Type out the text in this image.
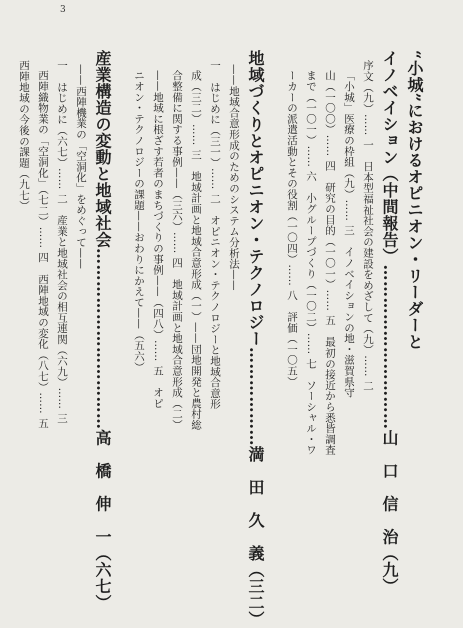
3
“小城”におけるオピニオン・リーダーと
イノベイション（中間報告）…………………………山　口　信　治（九）
序文（九）…… 一　日本型福祉社会の建設をめざして（九）…… 二
「小城」医療の枠組（九）…… 三　イノベイションの地・滋賀県守
山（一〇〇）…… 四　研究の目的（一〇一）…… 五　最初の接近から悉皆調査
まで（一〇一）…… 六　小グループづくり（一〇二）…… 七　ソーシャル・ワ
ーカーの派遣活動とその役割（一〇四）…… 八　評価（一〇五）
地域づくりとオピニオン・テクノロジー………………満　田　久　義（三二）
——地域合意形成のためのシステム分析法——
一　はじめに（三一）…… 二　オピニオン・テクノロジーと地域合意形
成（三二）…… 三　地域計画と地域合意形成（一）——団地開発と農村総
合整備に関する事例——（三六）…… 四　地域計画と地域合意形成（二）
——地域に根ざす若者のまちづくりの事例——（四八）…… 五　オピ
ニオン・テクノロジーの課題——おわりにかえて——（五六）
産業構造の変動と地域社会……………………………高　橋　伸　一（六七）
——西陣機業の「空洞化」をめぐって——
一　はじめに（六七）…… 二　産業と地域社会の相互連関（六九）…… 三
西陣織物業の「空洞化」（七二）…… 四　西陣地域の変化（八七）…… 五
西陣地域の今後の課題（九七）
